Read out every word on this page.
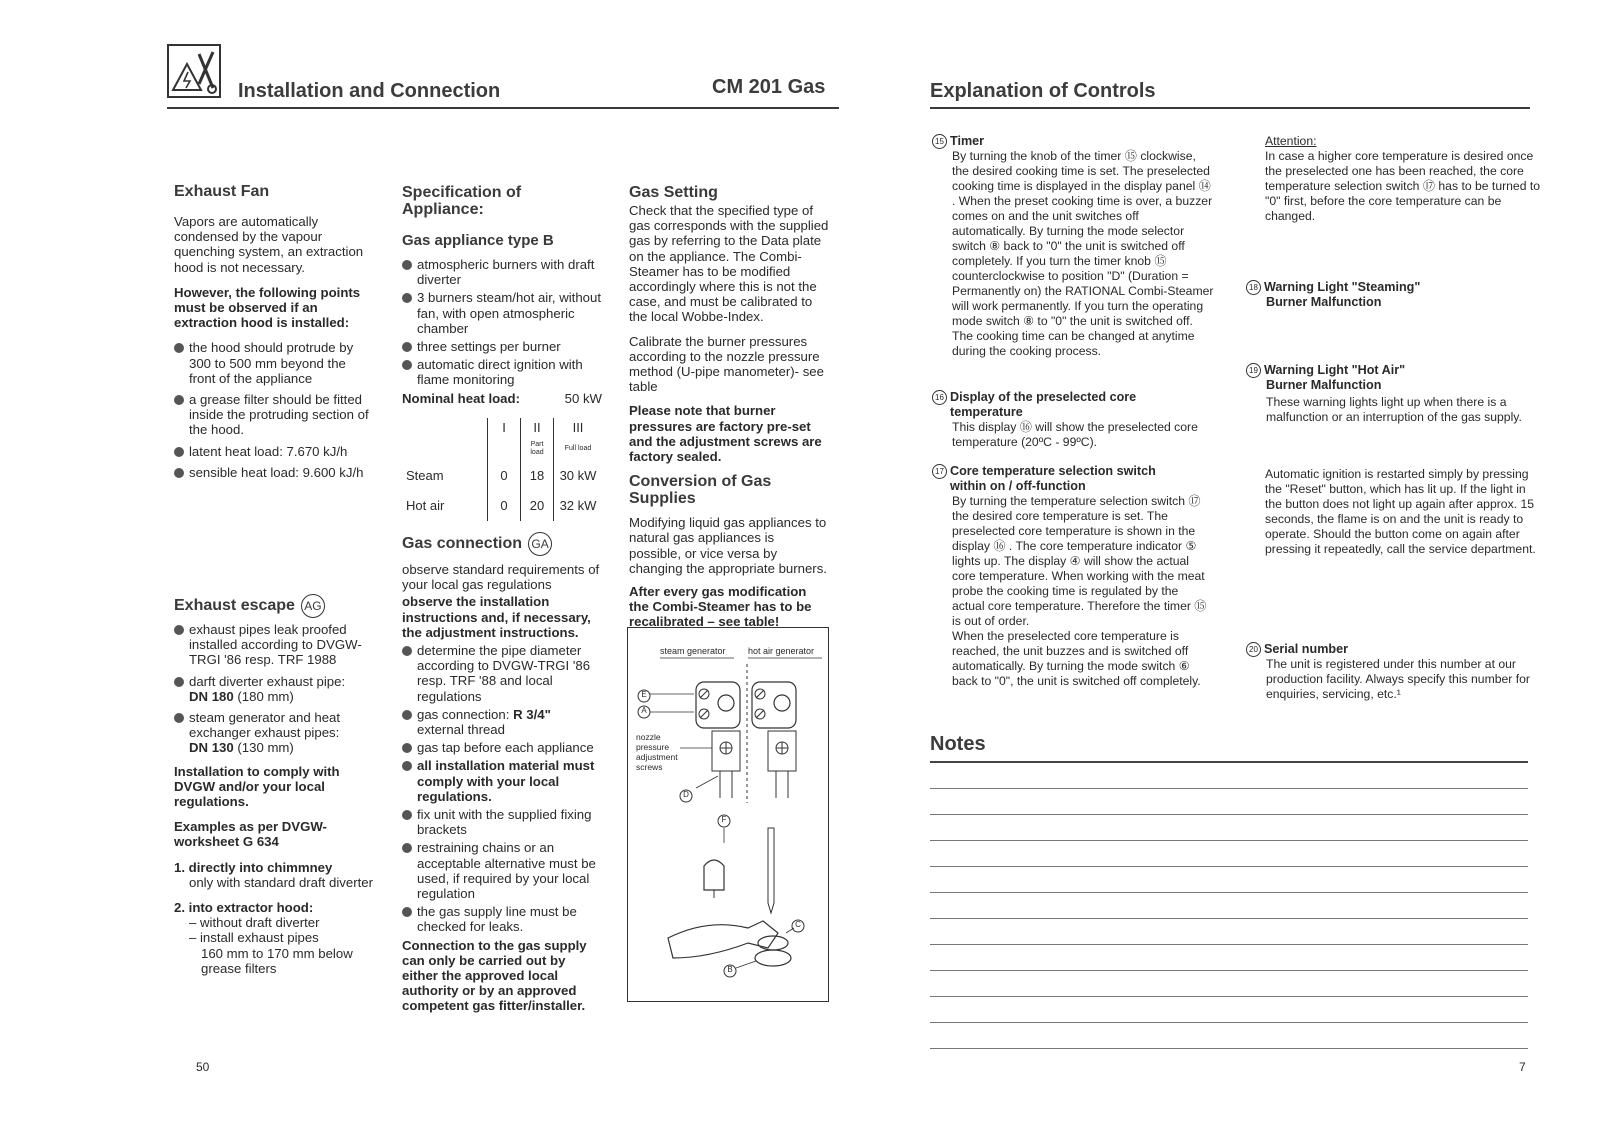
Installation and Connection	CM 201 Gas	Explanation of Controls
Exhaust Fan

Vapors are automatically condensed by the vapour quenching system, an extraction hood is not necessary.

However, the following points must be observed if an extraction hood is installed:

the hood should protrude by 300 to 500 mm beyond the front of the appliance
a grease filter should be fitted inside the protruding section of the hood.
latent heat load: 7.670 kJ/h
sensible heat load: 9.600 kJ/h
Exhaust escape AG
exhaust pipes leak proofed installed according to DVGW-TRGI '86 resp. TRF 1988
darft diverter exhaust pipe:
DN 180 (180 mm)
steam generator and heat exchanger exhaust pipes:
DN 130 (130 mm)

Installation to comply with DVGW and/or your local regulations.

Examples as per DVGW-worksheet G 634

1. directly into chimmney
only with standard draft diverter
2. into extractor hood:
– without draft diverter
– install exhaust pipes
160 mm to 170 mm below grease filters
Specification of Appliance:
Gas appliance type B
atmospheric burners with draft diverter
3 burners steam/hot air, without fan, with open atmospheric chamber
three settings per burner
automatic direct ignition with flame monitoring
Nominal heat load:	50 kW
	I	II	III
		Part load	Full load
Steam	0	18	30 kW
Hot air	0	20	32 kW
Gas connection GA

observe standard requirements of your local gas regulations

observe the installation instructions and, if necessary, the adjustment instructions.

determine the pipe diameter according to DVGW-TRGI '86 resp. TRF '88 and local regulations
gas connection: R 3/4"
external thread
gas tap before each appliance
all installation material must comply with your local regulations.
fix unit with the supplied fixing brackets
restraining chains or an acceptable alternative must be used, if required by your local regulation
the gas supply line must be checked for leaks.

Connection to the gas supply can only be carried out by either the approved local authority or by an approved competent gas fitter/installer.

Gas Setting

Check that the specified type of gas corresponds with the supplied gas by referring to the Data plate on the appliance. The Combi-Steamer has to be modified accordingly where this is not the case, and must be calibrated to the local Wobbe-Index.

Calibrate the burner pressures according to the nozzle pressure method (U-pipe manometer)- see table

Please note that burner pressures are factory pre-set and the adjustment screws are factory sealed.

Conversion of Gas Supplies

Modifying liquid gas appliances to natural gas appliances is possible, or vice versa by changing the appropriate burners.

After every gas modification the Combi-Steamer has to be recalibrated – see table!

steam generator hot air generator
E
A
nozzle pressure adjustment screws
D
F
C
B
15 Timer
By turning the knob of the timer ⑮ clockwise, the desired cooking time is set. The preselected cooking time is displayed in the display panel ⑭ . When the preset cooking time is over, a buzzer comes on and the unit switches off automatically. By turning the mode selector switch ⑧ back to "0" the unit is switched off completely. If you turn the timer knob ⑮ counterclockwise to position "D" (Duration = Permanently on) the RATIONAL Combi-Steamer will work permanently. If you turn the operating mode switch ⑧ to "0" the unit is switched off. The cooking time can be changed at anytime during the cooking process.
16 Display of the preselected core temperature
This display ⑯ will show the preselected core temperature (20ºC - 99ºC).
17 Core temperature selection switch within on / off-function
By turning the temperature selection switch ⑰ the desired core temperature is set. The preselected core temperature is shown in the display ⑯ . The core temperature indicator ⑤ lights up. The display ④ will show the actual core temperature. When working with the meat probe the cooking time is regulated by the actual core temperature. Therefore the timer ⑮ is out of order.
When the preselected core temperature is reached, the unit buzzes and is switched off automatically. By turning the mode switch ⑥ back to "0", the unit is switched off completely.
Notes
Attention:
In case a higher core temperature is desired once the preselected one has been reached, the core temperature selection switch ⑰ has to be turned to "0" first, before the core temperature can be changed.
18 Warning Light "Steaming"
Burner Malfunction
19 Warning Light "Hot Air"
Burner Malfunction
These warning lights light up when there is a malfunction or an interruption of the gas supply.
Automatic ignition is restarted simply by pressing the "Reset" button, which has lit up. If the light in the button does not light up again after approx. 15 seconds, the flame is on and the unit is ready to operate. Should the button come on again after pressing it repeatedly, call the service department.
20 Serial number
The unit is registered under this number at our production facility. Always specify this number for enquiries, servicing, etc.¹
50	7
